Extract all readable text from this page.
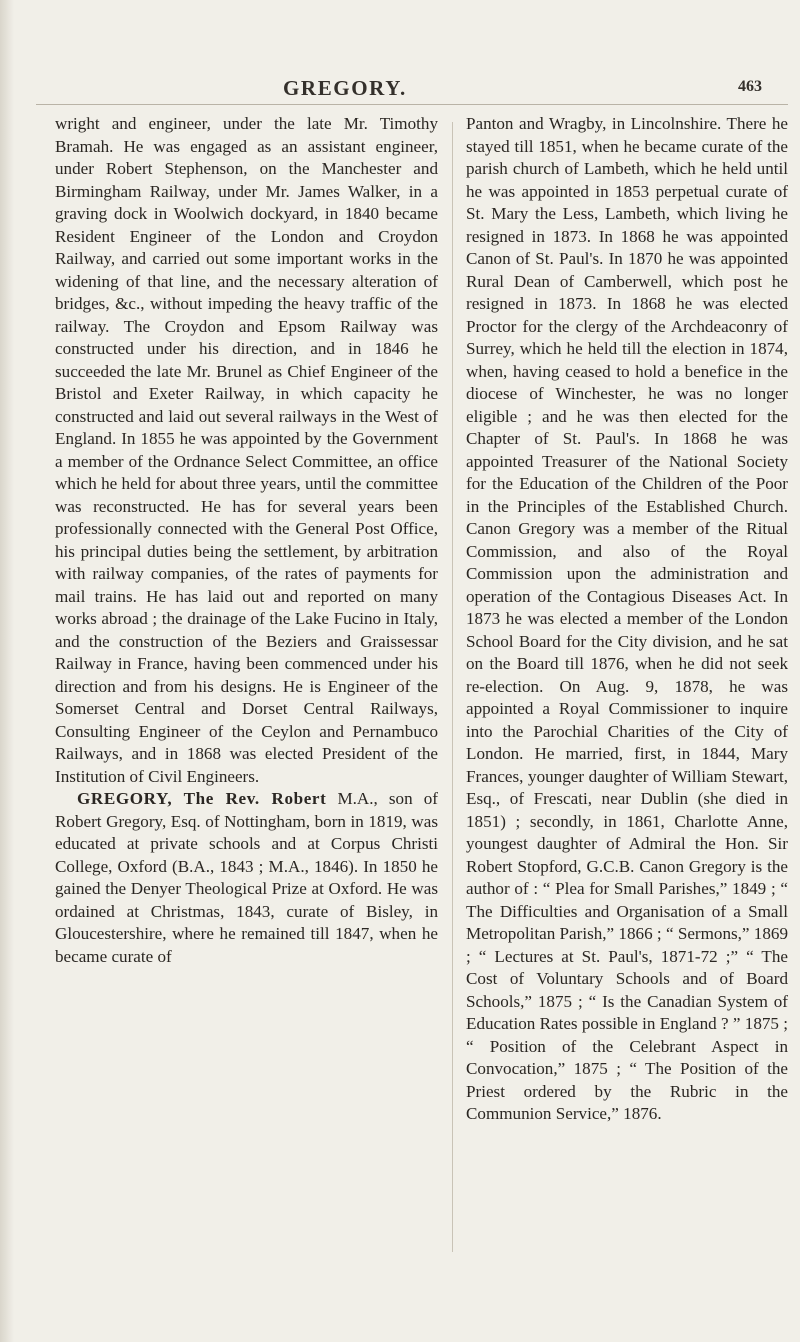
GREGORY.	463

wright and engineer, under the late Mr. Timothy Bramah. He was engaged as an assistant engineer, under Robert Stephenson, on the Manchester and Birmingham Railway, under Mr. James Walker, in a graving dock in Woolwich dockyard, in 1840 became Resident Engineer of the London and Croydon Railway, and carried out some important works in the widening of that line, and the necessary alteration of bridges, &c., without impeding the heavy traffic of the railway. The Croydon and Epsom Railway was constructed under his direction, and in 1846 he succeeded the late Mr. Brunel as Chief Engineer of the Bristol and Exeter Railway, in which capacity he constructed and laid out several railways in the West of England. In 1855 he was appointed by the Government a member of the Ordnance Select Committee, an office which he held for about three years, until the committee was reconstructed. He has for several years been professionally connected with the General Post Office, his principal duties being the settlement, by arbitration with railway companies, of the rates of payments for mail trains. He has laid out and reported on many works abroad ; the drainage of the Lake Fucino in Italy, and the construction of the Beziers and Graissessar Railway in France, having been commenced under his direction and from his designs. He is Engineer of the Somerset Central and Dorset Central Railways, Consulting Engineer of the Ceylon and Pernambuco Railways, and in 1868 was elected President of the Institution of Civil Engineers.

GREGORY, The Rev. Robert M.A., son of Robert Gregory, Esq. of Nottingham, born in 1819, was educated at private schools and at Corpus Christi College, Oxford (B.A., 1843 ; M.A., 1846). In 1850 he gained the Denyer Theological Prize at Oxford. He was ordained at Christmas, 1843, curate of Bisley, in Gloucestershire, where he remained till 1847, when he became curate of

Panton and Wragby, in Lincolnshire. There he stayed till 1851, when he became curate of the parish church of Lambeth, which he held until he was appointed in 1853 perpetual curate of St. Mary the Less, Lambeth, which living he resigned in 1873. In 1868 he was appointed Canon of St. Paul's. In 1870 he was appointed Rural Dean of Camberwell, which post he resigned in 1873. In 1868 he was elected Proctor for the clergy of the Archdeaconry of Surrey, which he held till the election in 1874, when, having ceased to hold a benefice in the diocese of Winchester, he was no longer eligible ; and he was then elected for the Chapter of St. Paul's. In 1868 he was appointed Treasurer of the National Society for the Education of the Children of the Poor in the Principles of the Established Church. Canon Gregory was a member of the Ritual Commission, and also of the Royal Commission upon the administration and operation of the Contagious Diseases Act. In 1873 he was elected a member of the London School Board for the City division, and he sat on the Board till 1876, when he did not seek re-election. On Aug. 9, 1878, he was appointed a Royal Commissioner to inquire into the Parochial Charities of the City of London. He married, first, in 1844, Mary Frances, younger daughter of William Stewart, Esq., of Frescati, near Dublin (she died in 1851) ; secondly, in 1861, Charlotte Anne, youngest daughter of Admiral the Hon. Sir Robert Stopford, G.C.B. Canon Gregory is the author of : “ Plea for Small Parishes,” 1849 ; “ The Difficulties and Organisation of a Small Metropolitan Parish,” 1866 ; “ Sermons,” 1869 ; “ Lectures at St. Paul's, 1871-72 ;” “ The Cost of Voluntary Schools and of Board Schools,” 1875 ; “ Is the Canadian System of Education Rates possible in England ? ” 1875 ; “ Position of the Celebrant Aspect in Convocation,” 1875 ; “ The Position of the Priest ordered by the Rubric in the Communion Service,” 1876.
